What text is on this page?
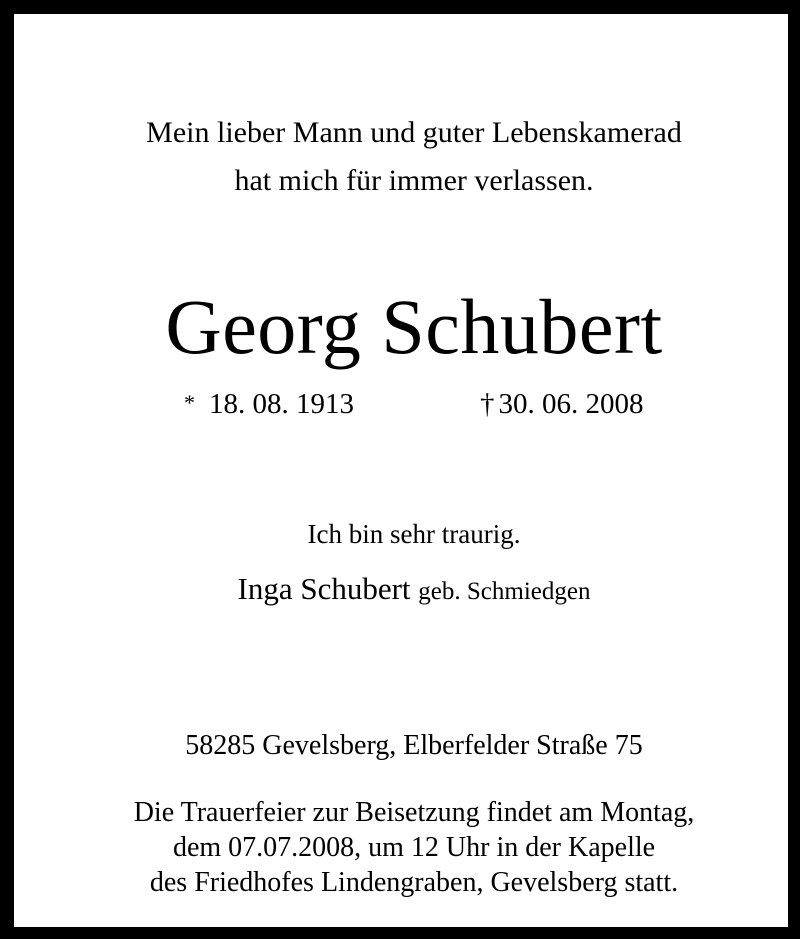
Mein lieber Mann und guter Lebenskamerad
hat mich für immer verlassen.
Georg Schubert
* 18. 08. 1913	† 30. 06. 2008
Ich bin sehr traurig.
Inga Schubert geb. Schmiedgen
58285 Gevelsberg, Elberfelder Straße 75
Die Trauerfeier zur Beisetzung findet am Montag,
dem 07.07.2008, um 12 Uhr in der Kapelle
des Friedhofes Lindengraben, Gevelsberg statt.
